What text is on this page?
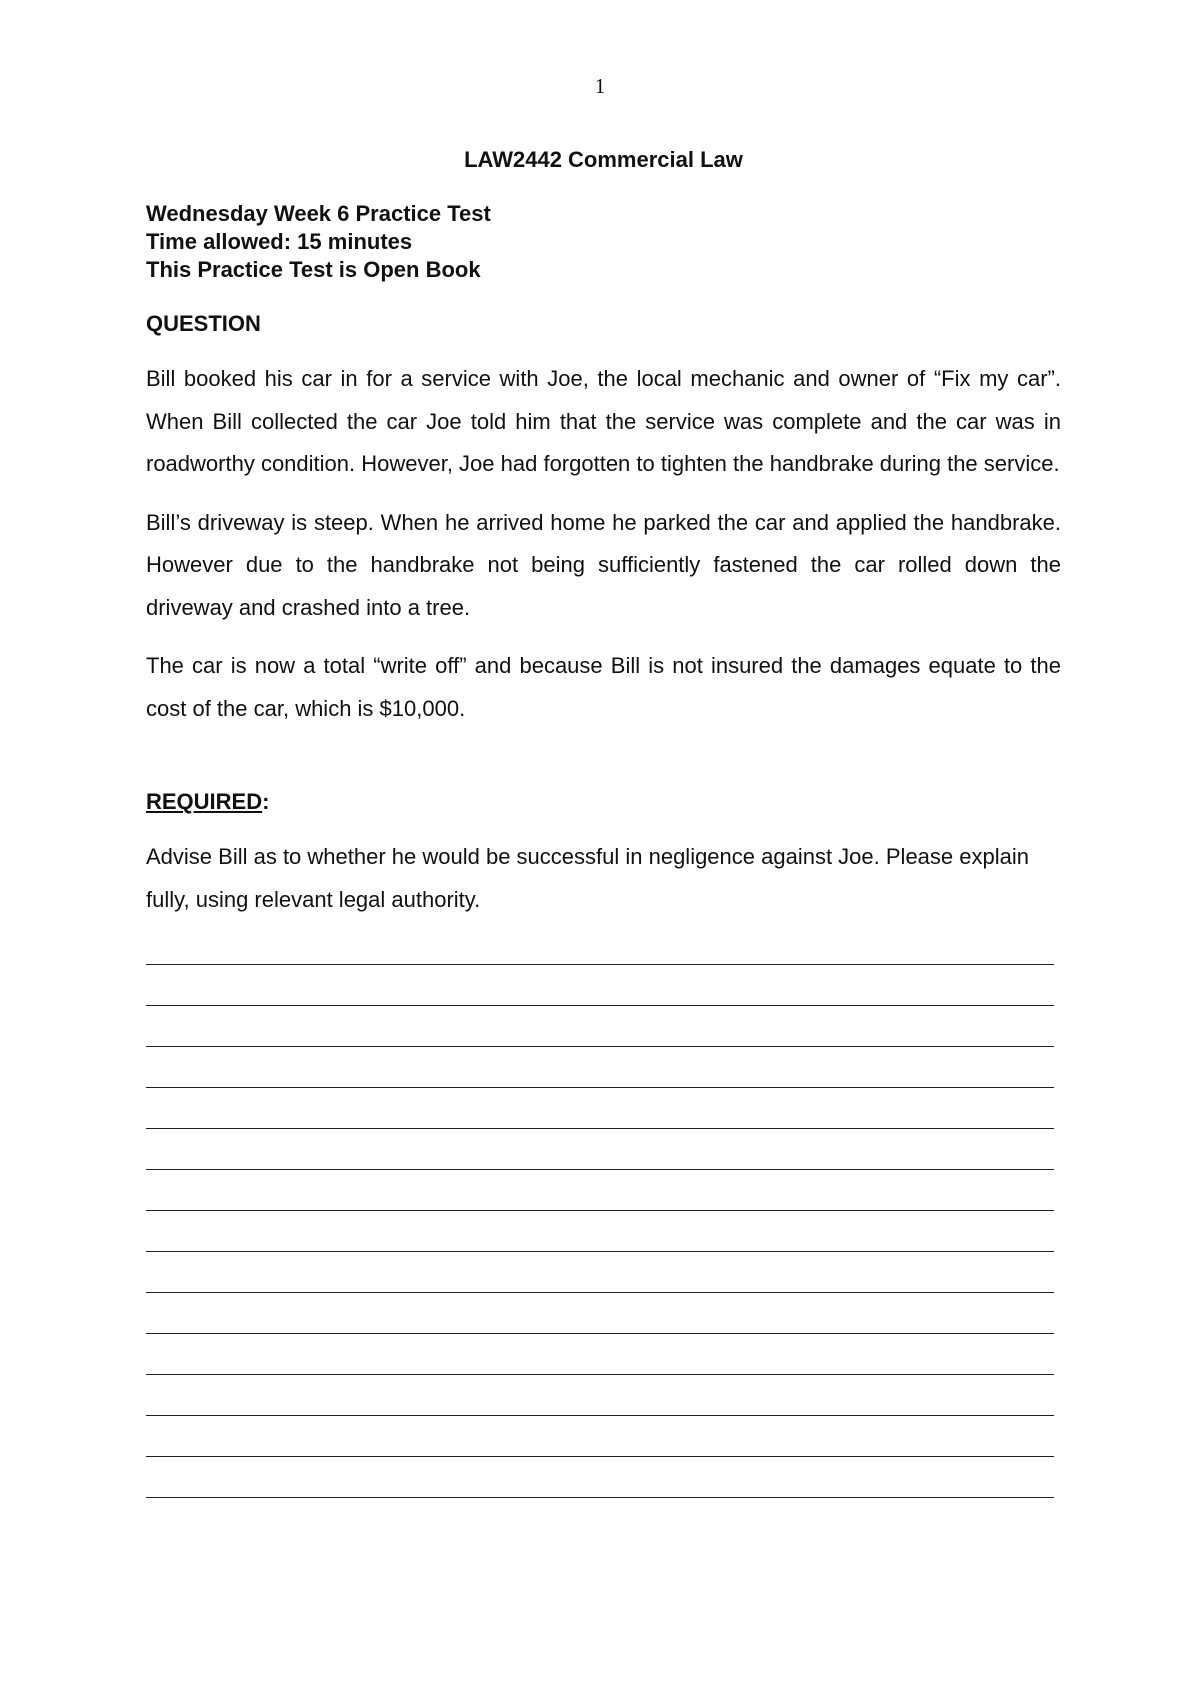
1
LAW2442 Commercial Law

Wednesday Week 6 Practice Test

Time allowed: 15 minutes

This Practice Test is Open Book

QUESTION

Bill booked his car in for a service with Joe, the local mechanic and owner of “Fix my car”. When Bill collected the car Joe told him that the service was complete and the car was in roadworthy condition. However, Joe had forgotten to tighten the handbrake during the service.

Bill’s driveway is steep. When he arrived home he parked the car and applied the handbrake. However due to the handbrake not being sufficiently fastened the car rolled down the driveway and crashed into a tree.

The car is now a total “write off” and because Bill is not insured the damages equate to the cost of the car, which is $10,000.

REQUIRED:

Advise Bill as to whether he would be successful in negligence against Joe. Please explain fully, using relevant legal authority.
